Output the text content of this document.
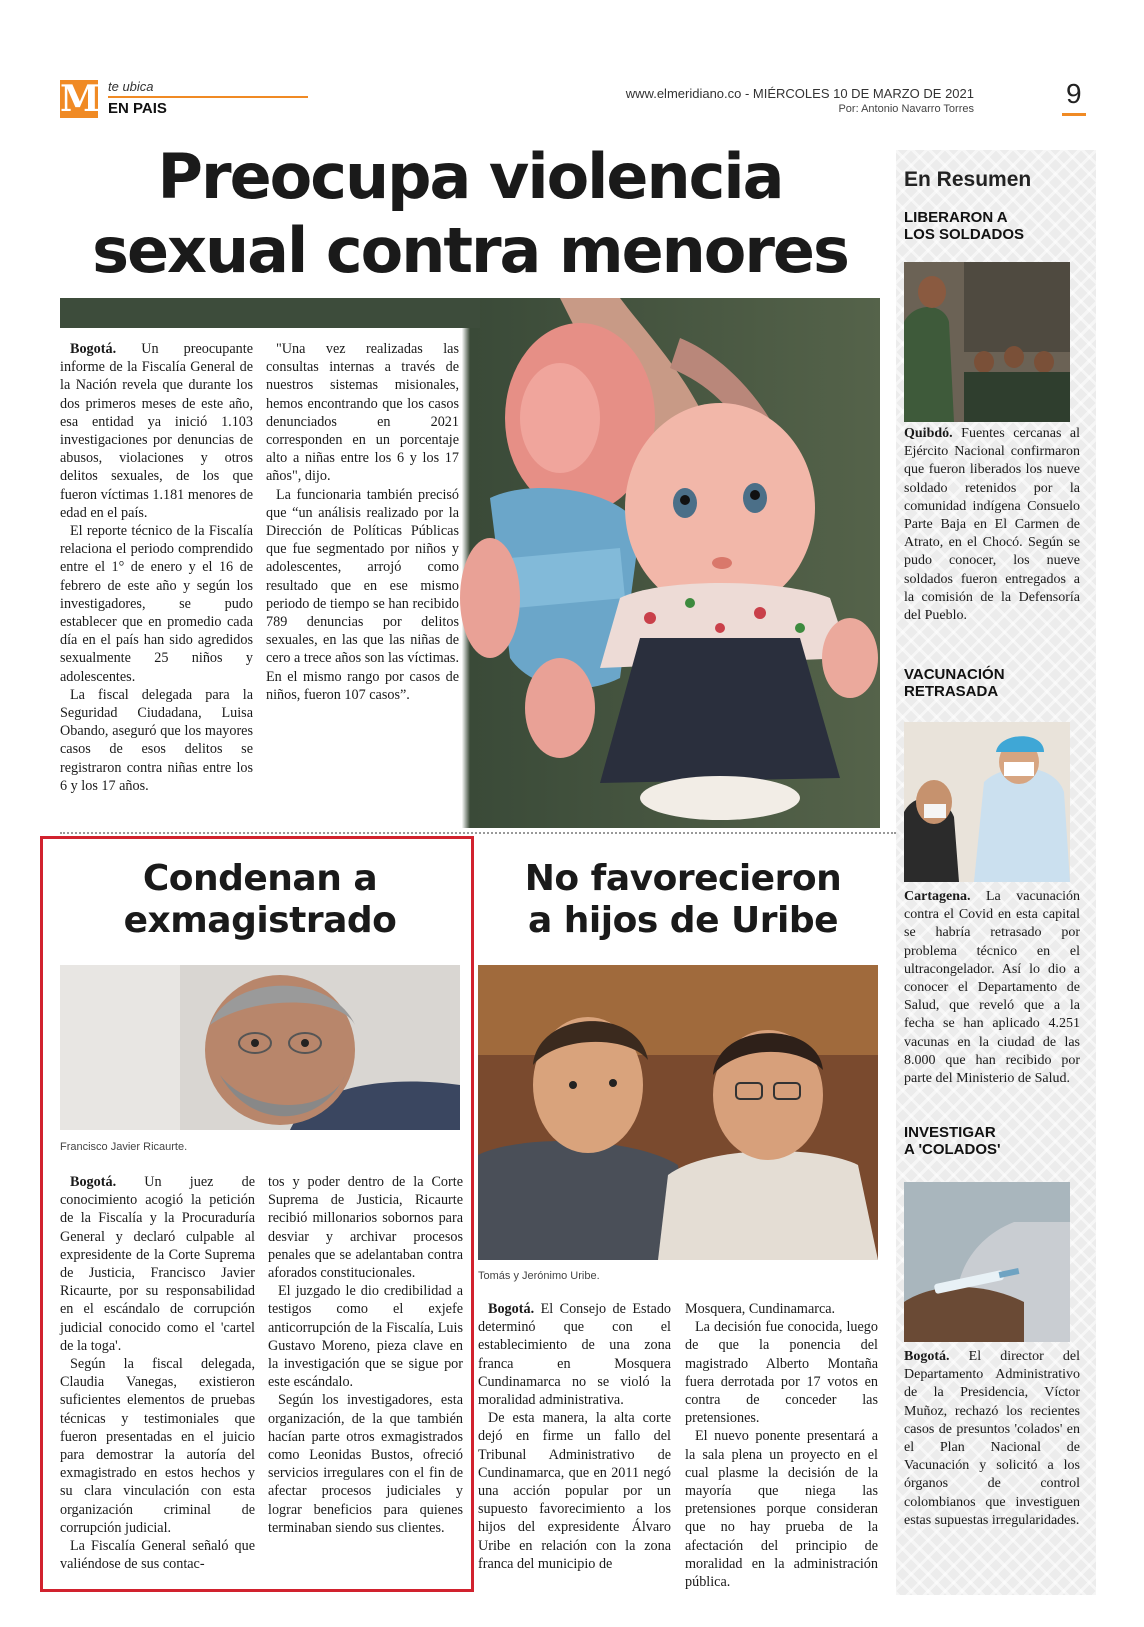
M te ubica
EN PAIS
www.elmeridiano.co - MIÉRCOLES 10 DE MARZO DE 2021
Por: Antonio Navarro Torres	9
Preocupa violencia
sexual contra menores

Bogotá. Un preocupante informe de la Fiscalía General de la Nación revela que durante los dos primeros meses de este año, esa entidad ya inició 1.103 investigaciones por denuncias de abusos, violaciones y otros delitos sexuales, de los que fueron víctimas 1.181 menores de edad en el país.

El reporte técnico de la Fiscalía relaciona el periodo comprendido entre el 1° de enero y el 16 de febrero de este año y según los investigadores, se pudo establecer que en promedio cada día en el país han sido agredidos sexualmente 25 niños y adolescentes.

La fiscal delegada para la Seguridad Ciudadana, Luisa Obando, aseguró que los mayores casos de esos delitos se registraron contra niñas entre los 6 y los 17 años.

"Una vez realizadas las consultas internas a través de nuestros sistemas misionales, hemos encontrando que los casos denunciados en 2021 corresponden en un porcentaje alto a niñas entre los 6 y los 17 años", dijo.

La funcionaria también precisó que “un análisis realizado por la Dirección de Políticas Públicas que fue segmentado por niños y adolescentes, arrojó como resultado que en ese mismo periodo de tiempo se han recibido 789 denuncias por delitos sexuales, en las que las niñas de cero a trece años son las víctimas. En el mismo rango por casos de niños, fueron 107 casos”.

Condenan a
exmagistrado
Francisco Javier Ricaurte.

Bogotá. Un juez de conocimiento acogió la petición de la Fiscalía y la Procuraduría General y declaró culpable al expresidente de la Corte Suprema de Justicia, Francisco Javier Ricaurte, por su responsabilidad en el escándalo de corrupción judicial conocido como el 'cartel de la toga'.

Según la fiscal delegada, Claudia Vanegas, existieron suficientes elementos de pruebas técnicas y testimoniales que fueron presentadas en el juicio para demostrar la autoría del exmagistrado en estos hechos y su clara vinculación con esta organización criminal de corrupción judicial.

La Fiscalía General señaló que valiéndose de sus contac-

tos y poder dentro de la Corte Suprema de Justicia, Ricaurte recibió millonarios sobornos para desviar y archivar procesos penales que se adelantaban contra aforados constitucionales.

El juzgado le dio credibilidad a testigos como el exjefe anticorrupción de la Fiscalía, Luis Gustavo Moreno, pieza clave en la investigación que se sigue por este escándalo.

Según los investigadores, esta organización, de la que también hacían parte otros exmagistrados como Leonidas Bustos, ofreció servicios irregulares con el fin de afectar procesos judiciales y lograr beneficios para quienes terminaban siendo sus clientes.

No favorecieron
a hijos de Uribe
Tomás y Jerónimo Uribe.

Bogotá. El Consejo de Estado determinó que con el establecimiento de una zona franca en Mosquera Cundinamarca no se violó la moralidad administrativa.

De esta manera, la alta corte dejó en firme un fallo del Tribunal Administrativo de Cundinamarca, que en 2011 negó una acción popular por un supuesto favorecimiento a los hijos del expresidente Álvaro Uribe en relación con la zona franca del municipio de

Mosquera, Cundinamarca.

La decisión fue conocida, luego de que la ponencia del magistrado Alberto Montaña fuera derrotada por 17 votos en contra de conceder las pretensiones.

El nuevo ponente presentará a la sala plena un proyecto en el cual plasme la decisión de la mayoría que niega las pretensiones porque consideran que no hay prueba de la afectación del principio de moralidad en la administración pública.

En Resumen
LIBERARON A
LOS SOLDADOS
Quibdó. Fuentes cercanas al Ejército Nacional confirmaron que fueron liberados los nueve soldado retenidos por la comunidad indígena Consuelo Parte Baja en El Carmen de Atrato, en el Chocó. Según se pudo conocer, los nueve soldados fueron entregados a la comisión de la Defensoría del Pueblo.
VACUNACIÓN
RETRASADA
Cartagena. La vacunación contra el Covid en esta capital se habría retrasado por problema técnico en el ultracongelador. Así lo dio a conocer el Departamento de Salud, que reveló que a la fecha se han aplicado 4.251 vacunas en la ciudad de las 8.000 que han recibido por parte del Ministerio de Salud.
INVESTIGAR
A 'COLADOS'
Bogotá. El director del Departamento Administrativo de la Presidencia, Víctor Muñoz, rechazó los recientes casos de presuntos 'colados' en el Plan Nacional de Vacunación y solicitó a los órganos de control colombianos que investiguen estas supuestas irregularidades.
